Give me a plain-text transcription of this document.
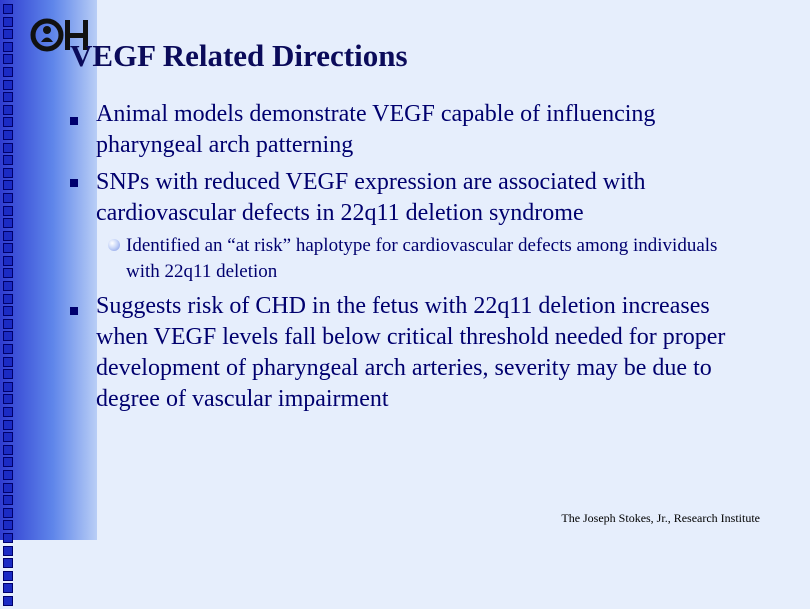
VEGF Related Directions
Animal models demonstrate VEGF capable of influencing pharyngeal arch patterning
SNPs with reduced VEGF expression are associated with cardiovascular defects in 22q11 deletion syndrome
Identified an “at risk” haplotype for cardiovascular defects among individuals with 22q11 deletion
Suggests risk of CHD in the fetus with 22q11 deletion increases when VEGF levels fall below critical threshold needed for proper development of pharyngeal arch arteries, severity may be due to degree of vascular impairment
The Joseph Stokes, Jr., Research Institute
